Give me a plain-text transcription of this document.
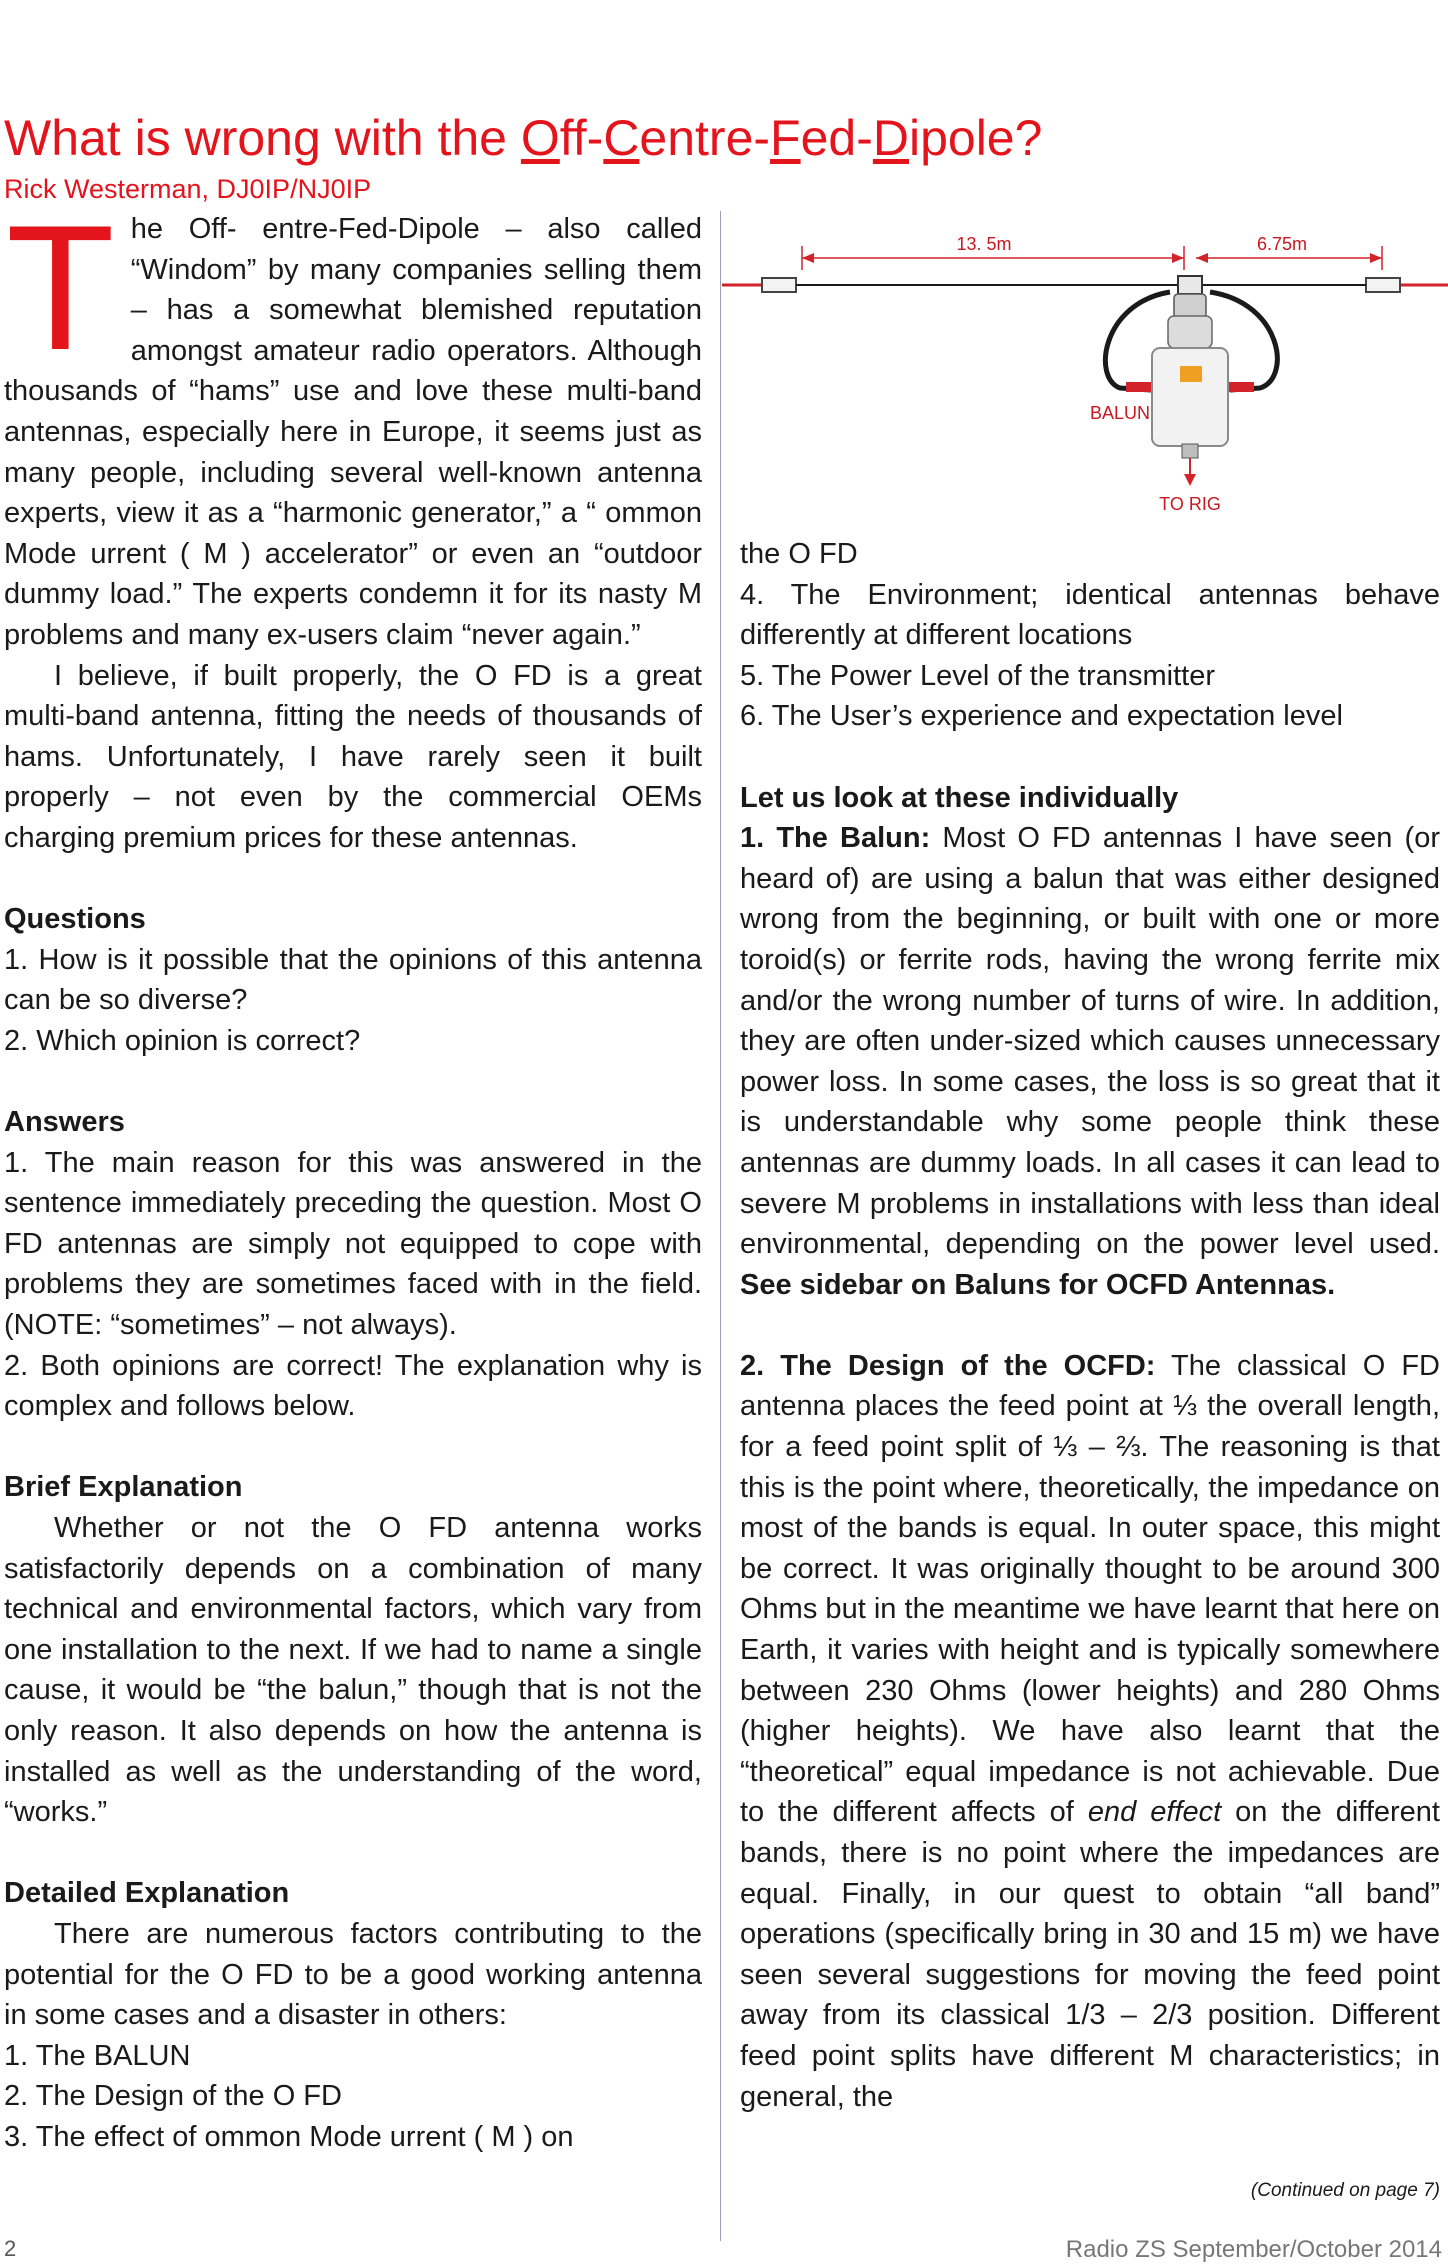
What is wrong with the Off-Centre-Fed-Dipole?
Rick Westerman, DJ0IP/NJ0IP

The Off- entre-Fed-Dipole – also called “Windom” by many companies selling them – has a somewhat blemished reputation amongst amateur radio operators. Although thousands of “hams” use and love these multi-band antennas, especially here in Europe, it seems just as many people, including several well-known antenna experts, view it as a “harmonic generator,” a “ ommon Mode urrent ( M ) accelerator” or even an “outdoor dummy load.” The experts condemn it for its nasty M problems and many ex-users claim “never again.”

I believe, if built properly, the O FD is a great multi-band antenna, fitting the needs of thousands of hams. Unfortunately, I have rarely seen it built properly – not even by the commercial OEMs charging premium prices for these antennas.

Questions

1. How is it possible that the opinions of this antenna can be so diverse?

2. Which opinion is correct?

Answers

1. The main reason for this was answered in the sentence immediately preceding the question. Most O FD antennas are simply not equipped to cope with problems they are sometimes faced with in the field. (NOTE: “sometimes” – not always).

2. Both opinions are correct! The explanation why is complex and follows below.

Brief Explanation

Whether or not the O FD antenna works satisfactorily depends on a combination of many technical and environmental factors, which vary from one installation to the next. If we had to name a single cause, it would be “the balun,” though that is not the only reason. It also depends on how the antenna is installed as well as the understanding of the word, “works.”

Detailed Explanation

There are numerous factors contributing to the potential for the O FD to be a good working antenna in some cases and a disaster in others:

1. The BALUN

2. The Design of the O FD

3. The effect of ommon Mode urrent ( M ) on

13. 5m	6.75m
BALUN
TO RIG

the O FD

4. The Environment; identical antennas behave differently at different locations

5. The Power Level of the transmitter

6. The User’s experience and expectation level

Let us look at these individually

1. The Balun: Most O FD antennas I have seen (or heard of) are using a balun that was either designed wrong from the beginning, or built with one or more toroid(s) or ferrite rods, having the wrong ferrite mix and/or the wrong number of turns of wire. In addition, they are often under-sized which causes unnecessary power loss. In some cases, the loss is so great that it is understandable why some people think these antennas are dummy loads. In all cases it can lead to severe M problems in installations with less than ideal environmental, depending on the power level used. See sidebar on Baluns for OCFD Antennas.

2. The Design of the OCFD: The classical O FD antenna places the feed point at ⅓ the overall length, for a feed point split of ⅓ – ⅔. The reasoning is that this is the point where, theoretically, the impedance on most of the bands is equal. In outer space, this might be correct. It was originally thought to be around 300 Ohms but in the meantime we have learnt that here on Earth, it varies with height and is typically somewhere between 230 Ohms (lower heights) and 280 Ohms (higher heights). We have also learnt that the “theoretical” equal impedance is not achievable. Due to the different affects of end effect on the different bands, there is no point where the impedances are equal. Finally, in our quest to obtain “all band” operations (specifically bring in 30 and 15 m) we have seen several suggestions for moving the feed point away from its classical 1/3 – 2/3 position. Different feed point splits have different M characteristics; in general, the

(Continued on page 7)
2	Radio ZS September/October 2014
